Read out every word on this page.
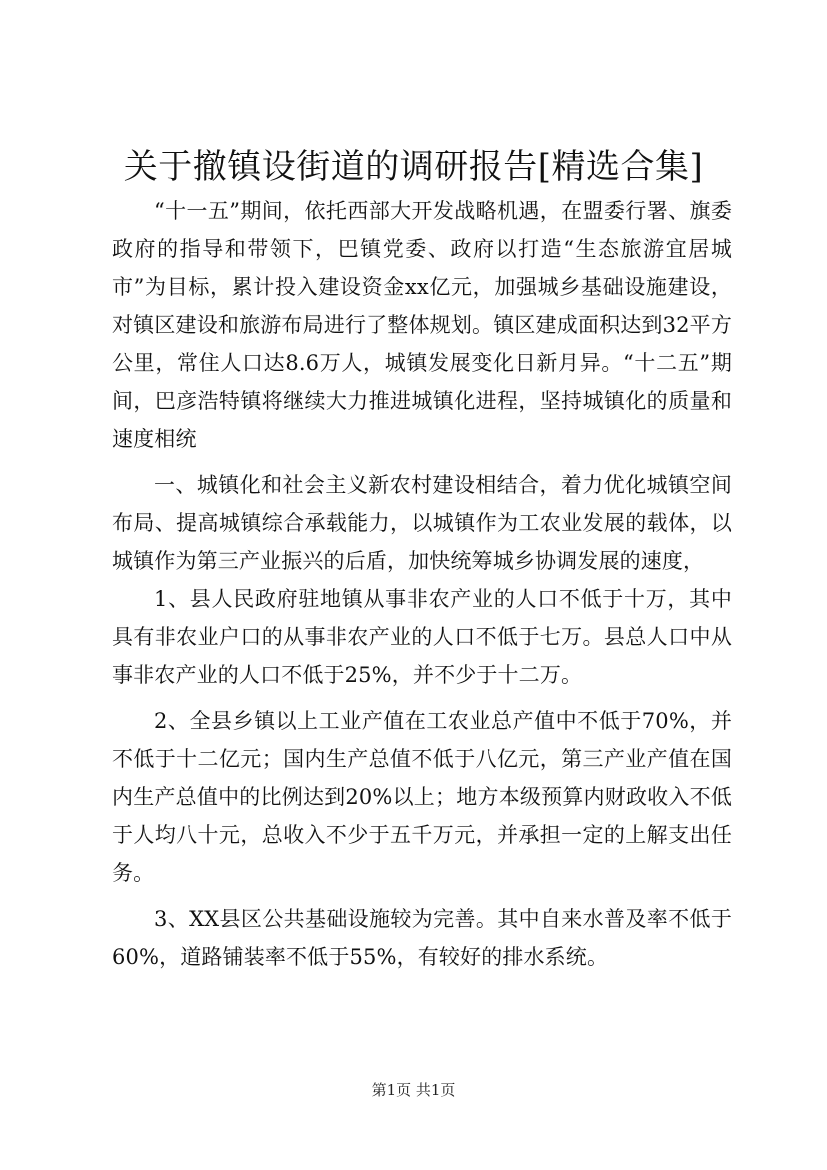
关于撤镇设街道的调研报告[精选合集]

“十一五”期间，依托西部大开发战略机遇，在盟委行署、旗委政府的指导和带领下，巴镇党委、政府以打造“生态旅游宜居城市”为目标，累计投入建设资金xx亿元，加强城乡基础设施建设，对镇区建设和旅游布局进行了整体规划。镇区建成面积达到32平方公里，常住人口达8.6万人，城镇发展变化日新月异。“十二五”期间，巴彦浩特镇将继续大力推进城镇化进程，坚持城镇化的质量和速度相统

一、城镇化和社会主义新农村建设相结合，着力优化城镇空间布局、提高城镇综合承载能力，以城镇作为工农业发展的载体，以城镇作为第三产业振兴的后盾，加快统筹城乡协调发展的速度，

1、县人民政府驻地镇从事非农产业的人口不低于十万，其中具有非农业户口的从事非农产业的人口不低于七万。县总人口中从事非农产业的人口不低于25%，并不少于十二万。

2、全县乡镇以上工业产值在工农业总产值中不低于70%，并不低于十二亿元；国内生产总值不低于八亿元，第三产业产值在国内生产总值中的比例达到20%以上；地方本级预算内财政收入不低于人均八十元，总收入不少于五千万元，并承担一定的上解支出任务。

3、XX县区公共基础设施较为完善。其中自来水普及率不低于60%，道路铺装率不低于55%，有较好的排水系统。

第1页 共1页
